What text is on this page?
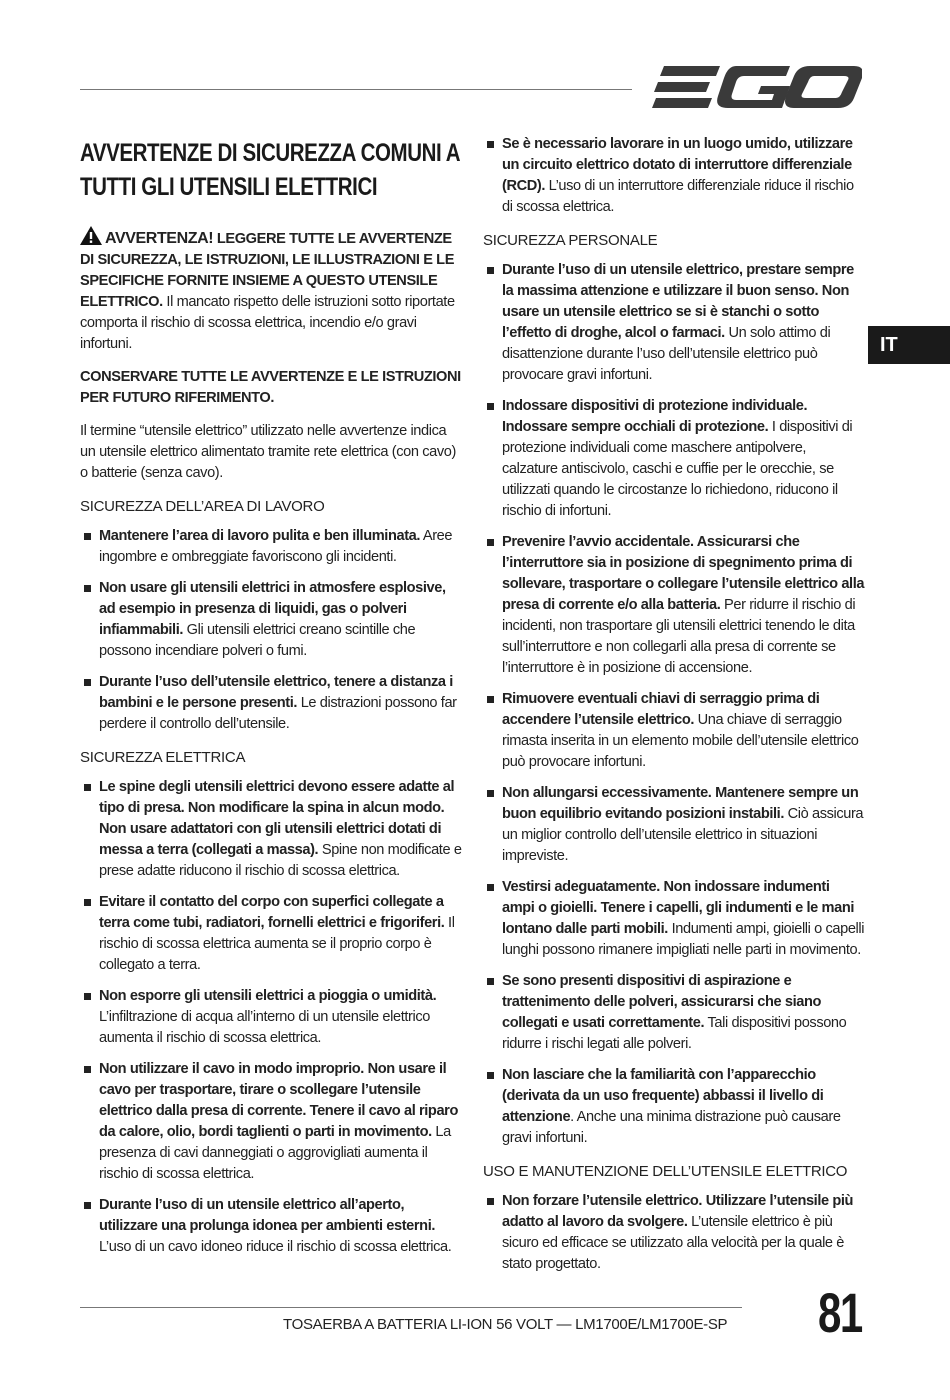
IT
AVVERTENZE DI SICUREZZA COMUNI A TUTTI GLI UTENSILI ELETTRICI

AVVERTENZA! LEGGERE TUTTE LE AVVERTENZE DI SICUREZZA, LE ISTRUZIONI, LE ILLUSTRAZIONI E LE SPECIFICHE FORNITE INSIEME A QUESTO UTENSILE ELETTRICO. Il mancato rispetto delle istruzioni sotto riportate comporta il rischio di scossa elettrica, incendio e/o gravi infortuni.

CONSERVARE TUTTE LE AVVERTENZE E LE ISTRUZIONI PER FUTURO RIFERIMENTO.

Il termine “utensile elettrico” utilizzato nelle avvertenze indica un utensile elettrico alimentato tramite rete elettrica (con cavo) o batterie (senza cavo).

SICUREZZA DELL’AREA DI LAVORO
Mantenere l’area di lavoro pulita e ben illuminata. Aree ingombre e ombreggiate favoriscono gli incidenti.
Non usare gli utensili elettrici in atmosfere esplosive, ad esempio in presenza di liquidi, gas o polveri infiammabili. Gli utensili elettrici creano scintille che possono incendiare polveri o fumi.
Durante l’uso dell’utensile elettrico, tenere a distanza i bambini e le persone presenti. Le distrazioni possono far perdere il controllo dell’utensile.
SICUREZZA ELETTRICA
Le spine degli utensili elettrici devono essere adatte al tipo di presa. Non modificare la spina in alcun modo. Non usare adattatori con gli utensili elettrici dotati di messa a terra (collegati a massa). Spine non modificate e prese adatte riducono il rischio di scossa elettrica.
Evitare il contatto del corpo con superfici collegate a terra come tubi, radiatori, fornelli elettrici e frigoriferi. Il rischio di scossa elettrica aumenta se il proprio corpo è collegato a terra.
Non esporre gli utensili elettrici a pioggia o umidità. L’infiltrazione di acqua all’interno di un utensile elettrico aumenta il rischio di scossa elettrica.
Non utilizzare il cavo in modo improprio. Non usare il cavo per trasportare, tirare o scollegare l’utensile elettrico dalla presa di corrente. Tenere il cavo al riparo da calore, olio, bordi taglienti o parti in movimento. La presenza di cavi danneggiati o aggrovigliati aumenta il rischio di scossa elettrica.
Durante l’uso di un utensile elettrico all’aperto, utilizzare una prolunga idonea per ambienti esterni. L’uso di un cavo idoneo riduce il rischio di scossa elettrica.
Se è necessario lavorare in un luogo umido, utilizzare un circuito elettrico dotato di interruttore differenziale (RCD). L’uso di un interruttore differenziale riduce il rischio di scossa elettrica.
SICUREZZA PERSONALE
Durante l’uso di un utensile elettrico, prestare sempre la massima attenzione e utilizzare il buon senso. Non usare un utensile elettrico se si è stanchi o sotto l’effetto di droghe, alcol o farmaci. Un solo attimo di disattenzione durante l’uso dell’utensile elettrico può provocare gravi infortuni.
Indossare dispositivi di protezione individuale. Indossare sempre occhiali di protezione. I dispositivi di protezione individuali come maschere antipolvere, calzature antiscivolo, caschi e cuffie per le orecchie, se utilizzati quando le circostanze lo richiedono, riducono il rischio di infortuni.
Prevenire l’avvio accidentale. Assicurarsi che l’interruttore sia in posizione di spegnimento prima di sollevare, trasportare o collegare l’utensile elettrico alla presa di corrente e/o alla batteria. Per ridurre il rischio di incidenti, non trasportare gli utensili elettrici tenendo le dita sull’interruttore e non collegarli alla presa di corrente se l’interruttore è in posizione di accensione.
Rimuovere eventuali chiavi di serraggio prima di accendere l’utensile elettrico. Una chiave di serraggio rimasta inserita in un elemento mobile dell’utensile elettrico può provocare infortuni.
Non allungarsi eccessivamente. Mantenere sempre un buon equilibrio evitando posizioni instabili. Ciò assicura un miglior controllo dell’utensile elettrico in situazioni impreviste.
Vestirsi adeguatamente. Non indossare indumenti ampi o gioielli. Tenere i capelli, gli indumenti e le mani lontano dalle parti mobili. Indumenti ampi, gioielli o capelli lunghi possono rimanere impigliati nelle parti in movimento.
Se sono presenti dispositivi di aspirazione e trattenimento delle polveri, assicurarsi che siano collegati e usati correttamente. Tali dispositivi possono ridurre i rischi legati alle polveri.
Non lasciare che la familiarità con l’apparecchio (derivata da un uso frequente) abbassi il livello di attenzione. Anche una minima distrazione può causare gravi infortuni.
USO E MANUTENZIONE DELL’UTENSILE ELETTRICO
Non forzare l’utensile elettrico. Utilizzare l’utensile più adatto al lavoro da svolgere. L’utensile elettrico è più sicuro ed efficace se utilizzato alla velocità per la quale è stato progettato.
TOSAERBA A BATTERIA LI-ION 56 VOLT — LM1700E/LM1700E-SP 81
